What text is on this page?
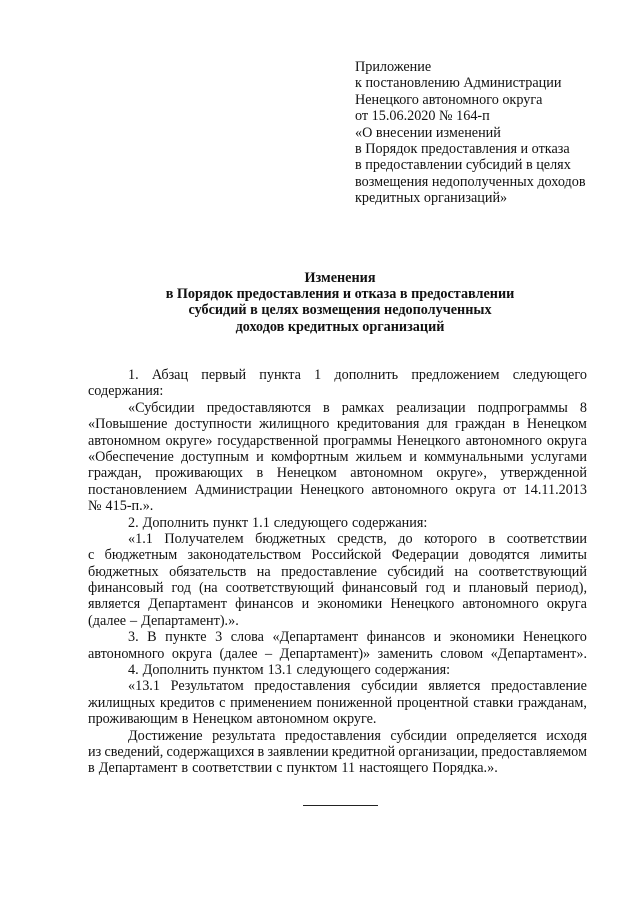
Приложение
к постановлению Администрации
Ненецкого автономного округа
от 15.06.2020 № 164-п
«О внесении изменений
в Порядок предоставления и отказа
в предоставлении субсидий в целях
возмещения недополученных доходов
кредитных организаций»
Изменения
в Порядок предоставления и отказа в предоставлении
субсидий в целях возмещения недополученных
доходов кредитных организаций
1. Абзац первый пункта 1 дополнить предложением следующего
содержания:
«Субсидии предоставляются в рамках реализации подпрограммы 8
«Повышение доступности жилищного кредитования для граждан в Ненецком
автономном округе» государственной программы Ненецкого автономного округа
«Обеспечение доступным и комфортным жильем и коммунальными услугами
граждан, проживающих в Ненецком автономном округе», утвержденной
постановлением Администрации Ненецкого автономного округа от 14.11.2013
№ 415-п.».
2. Дополнить пункт 1.1 следующего содержания:
«1.1 Получателем бюджетных средств, до которого в соответствии
с бюджетным законодательством Российской Федерации доводятся лимиты
бюджетных обязательств на предоставление субсидий на соответствующий
финансовый год (на соответствующий финансовый год и плановый период),
является Департамент финансов и экономики Ненецкого автономного округа
(далее – Департамент).».
3. В пункте 3 слова «Департамент финансов и экономики Ненецкого
автономного округа (далее – Департамент)» заменить словом «Департамент».
4. Дополнить пунктом 13.1 следующего содержания:
«13.1 Результатом предоставления субсидии является предоставление
жилищных кредитов с применением пониженной процентной ставки гражданам,
проживающим в Ненецком автономном округе.
Достижение результата предоставления субсидии определяется исходя
из сведений, содержащихся в заявлении кредитной организации, предоставляемом
в Департамент в соответствии с пунктом 11 настоящего Порядка.».
